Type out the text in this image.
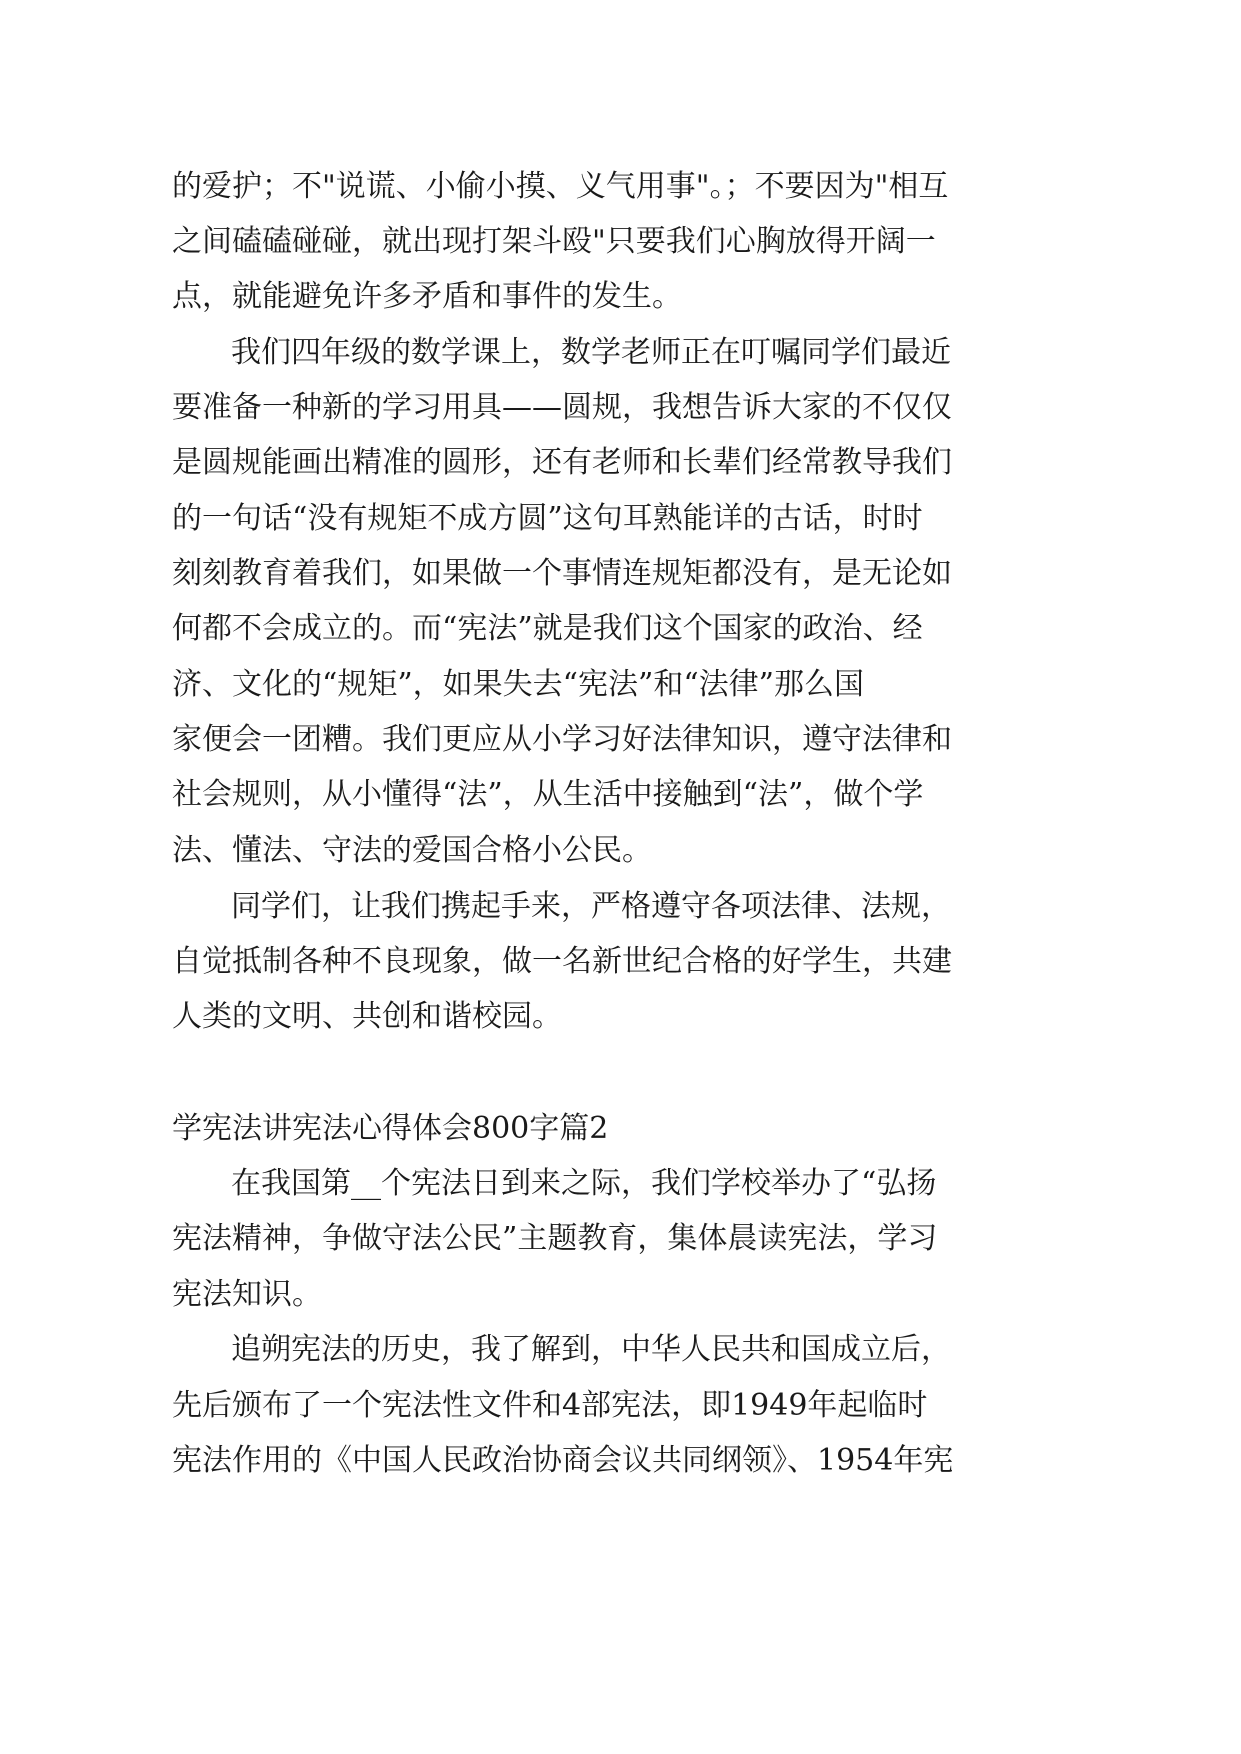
的爱护；不"说谎、小偷小摸、义气用事"。；不要因为"相互
之间磕磕碰碰，就出现打架斗殴"只要我们心胸放得开阔一
点，就能避免许多矛盾和事件的发生。
我们四年级的数学课上，数学老师正在叮嘱同学们最近
要准备一种新的学习用具——圆规，我想告诉大家的不仅仅
是圆规能画出精准的圆形，还有老师和长辈们经常教导我们
的一句话“没有规矩不成方圆”这句耳熟能详的古话，时时
刻刻教育着我们，如果做一个事情连规矩都没有，是无论如
何都不会成立的。而“宪法”就是我们这个国家的政治、经
济、文化的“规矩”，如果失去“宪法”和“法律”那么国
家便会一团糟。我们更应从小学习好法律知识，遵守法律和
社会规则，从小懂得“法”，从生活中接触到“法”，做个学
法、懂法、守法的爱国合格小公民。
同学们，让我们携起手来，严格遵守各项法律、法规，
自觉抵制各种不良现象，做一名新世纪合格的好学生，共建
人类的文明、共创和谐校园。
学宪法讲宪法心得体会800字篇2
在我国第__个宪法日到来之际，我们学校举办了“弘扬
宪法精神，争做守法公民”主题教育，集体晨读宪法，学习
宪法知识。
追朔宪法的历史，我了解到，中华人民共和国成立后，
先后颁布了一个宪法性文件和4部宪法，即1949年起临时
宪法作用的《中国人民政治协商会议共同纲领》、1954年宪
